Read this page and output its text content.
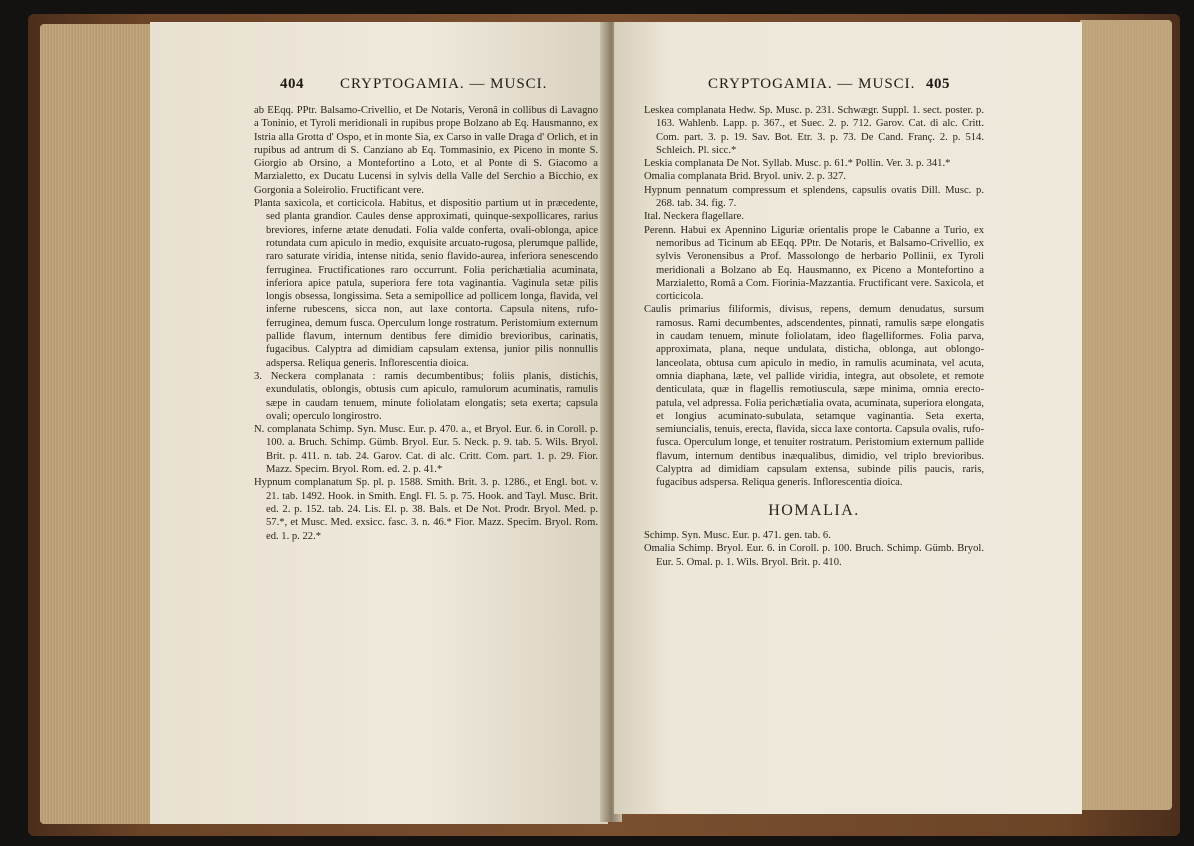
404 CRYPTOGAMIA. — MUSCI.

ab EEqq. PPtr. Balsamo-Crivellio, et De Notaris, Veronâ in collibus di Lavagno a Toninio, et Tyroli meridionali in rupibus prope Bolzano ab Eq. Hausmanno, ex Istria alla Grotta d' Ospo, et in monte Sia, ex Carso in valle Draga d' Orlich, et in rupibus ad antrum di S. Canziano ab Eq. Tommasinio, ex Piceno in monte S. Giorgio ab Orsino, a Montefortino a Loto, et al Ponte di S. Giacomo a Marzialetto, ex Ducatu Lucensi in sylvis della Valle del Serchio a Bicchio, ex Gorgonia a Soleirolio. Fructificant vere.

Planta saxicola, et corticicola. Habitus, et dispositio partium ut in præcedente, sed planta grandior. Caules dense approximati, quinque-sexpollicares, rarius breviores, inferne ætate denudati. Folia valde conferta, ovali-oblonga, apice rotundata cum apiculo in medio, exquisite arcuato-rugosa, plerumque pallide, raro saturate viridia, intense nitida, senio flavido-aurea, inferiora senescendo ferruginea. Fructificationes raro occurrunt. Folia perichætialia acuminata, inferiora apice patula, superiora fere tota vaginantia. Vaginula setæ pilis longis obsessa, longissima. Seta a semipollice ad pollicem longa, flavida, vel inferne rubescens, sicca non, aut laxe contorta. Capsula nitens, rufo-ferruginea, demum fusca. Operculum longe rostratum. Peristomium externum pallide flavum, internum dentibus fere dimidio brevioribus, carinatis, fugacibus. Calyptra ad dimidiam capsulam extensa, junior pilis nonnullis adspersa. Reliqua generis. Inflorescentia dioica.

3. Neckera complanata : ramis decumbentibus; foliis planis, distichis, exundulatis, oblongis, obtusis cum apiculo, ramulorum acuminatis, ramulis sæpe in caudam tenuem, minute foliolatam elongatis; seta exerta; capsula ovali; operculo longirostro.

N. complanata Schimp. Syn. Musc. Eur. p. 470. a., et Bryol. Eur. 6. in Coroll. p. 100. a. Bruch. Schimp. Gümb. Bryol. Eur. 5. Neck. p. 9. tab. 5. Wils. Bryol. Brit. p. 411. n. tab. 24. Garov. Cat. di alc. Critt. Com. part. 1. p. 29. Fior. Mazz. Specim. Bryol. Rom. ed. 2. p. 41.*

Hypnum complanatum Sp. pl. p. 1588. Smith. Brit. 3. p. 1286., et Engl. bot. v. 21. tab. 1492. Hook. in Smith. Engl. Fl. 5. p. 75. Hook. and Tayl. Musc. Brit. ed. 2. p. 152. tab. 24. Lis. El. p. 38. Bals. et De Not. Prodr. Bryol. Med. p. 57.*, et Musc. Med. exsicc. fasc. 3. n. 46.* Fior. Mazz. Specim. Bryol. Rom. ed. 1. p. 22.*

CRYPTOGAMIA. — MUSCI. 405

Leskea complanata Hedw. Sp. Musc. p. 231. Schwægr. Suppl. 1. sect. poster. p. 163. Wahlenb. Lapp. p. 367., et Suec. 2. p. 712. Garov. Cat. di alc. Critt. Com. part. 3. p. 19. Sav. Bot. Etr. 3. p. 73. De Cand. Franç. 2. p. 514. Schleich. Pl. sicc.*

Leskia complanata De Not. Syllab. Musc. p. 61.* Pollin. Ver. 3. p. 341.*

Omalia complanata Brid. Bryol. univ. 2. p. 327.

Hypnum pennatum compressum et splendens, capsulis ovatis Dill. Musc. p. 268. tab. 34. fig. 7.

Ital. Neckera flagellare.

Perenn. Habui ex Apennino Liguriæ orientalis prope le Cabanne a Turio, ex nemoribus ad Ticinum ab EEqq. PPtr. De Notaris, et Balsamo-Crivellio, ex sylvis Veronensibus a Prof. Massolongo de herbario Pollinii, ex Tyroli meridionali a Bolzano ab Eq. Hausmanno, ex Piceno a Montefortino a Marzialetto, Româ a Com. Fiorinia-Mazzantia. Fructificant vere. Saxicola, et corticicola.

Caulis primarius filiformis, divisus, repens, demum denudatus, sursum ramosus. Rami decumbentes, adscendentes, pinnati, ramulis sæpe elongatis in caudam tenuem, minute foliolatam, ideo flagelliformes. Folia parva, approximata, plana, neque undulata, disticha, oblonga, aut oblongo-lanceolata, obtusa cum apiculo in medio, in ramulis acuminata, vel acuta, omnia diaphana, læte, vel pallide viridia, integra, aut obsolete, et remote denticulata, quæ in flagellis remotiuscula, sæpe minima, omnia erecto-patula, vel adpressa. Folia perichætialia ovata, acuminata, superiora elongata, et longius acuminato-subulata, setamque vaginantia. Seta exerta, semiuncialis, tenuis, erecta, flavida, sicca laxe contorta. Capsula ovalis, rufo-fusca. Operculum longe, et tenuiter rostratum. Peristomium externum pallide flavum, internum dentibus inæqualibus, dimidio, vel triplo brevioribus. Calyptra ad dimidiam capsulam extensa, subinde pilis paucis, raris, fugacibus adspersa. Reliqua generis. Inflorescentia dioica.

HOMALIA.

Schimp. Syn. Musc. Eur. p. 471. gen. tab. 6.

Omalia Schimp. Bryol. Eur. 6. in Coroll. p. 100. Bruch. Schimp. Gümb. Bryol. Eur. 5. Omal. p. 1. Wils. Bryol. Brit. p. 410.
